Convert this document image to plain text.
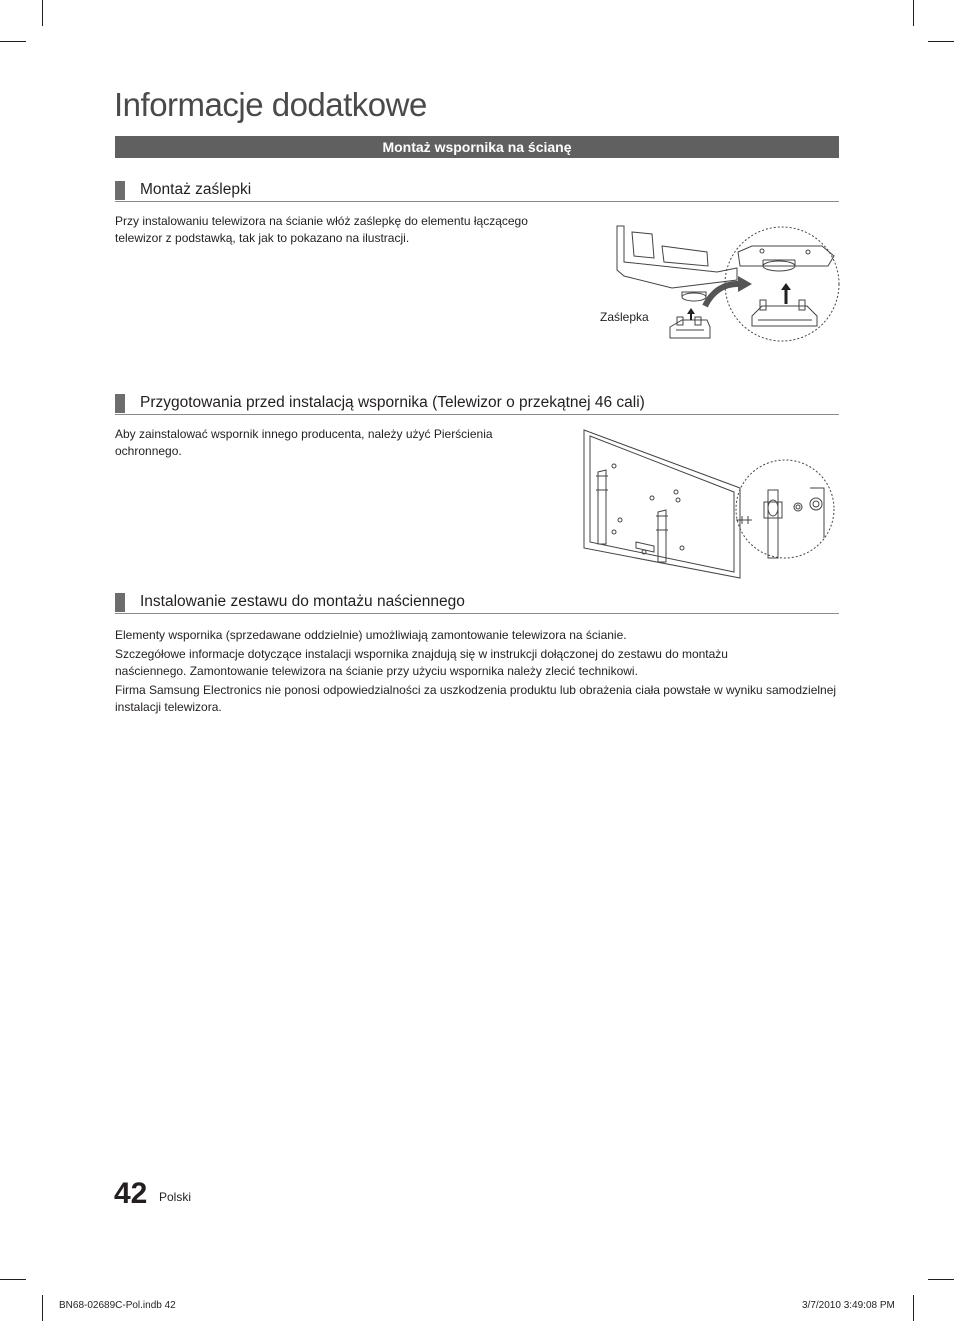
Informacje dodatkowe
Montaż wspornika na ścianę
Montaż zaślepki

Przy instalowaniu telewizora na ścianie włóż zaślepkę do elementu łączącego telewizor z podstawką, tak jak to pokazano na ilustracji.

Zaślepka
Przygotowania przed instalacją wspornika (Telewizor o przekątnej 46 cali)

Aby zainstalować wspornik innego producenta, należy użyć Pierścienia ochronnego.

Instalowanie zestawu do montażu naściennego

Elementy wspornika (sprzedawane oddzielnie) umożliwiają zamontowanie telewizora na ścianie.

Szczegółowe informacje dotyczące instalacji wspornika znajdują się w instrukcji dołączonej do zestawu do montażu naściennego. Zamontowanie telewizora na ścianie przy użyciu wspornika należy zlecić technikowi.

Firma Samsung Electronics nie ponosi odpowiedzialności za uszkodzenia produktu lub obrażenia ciała powstałe w wyniku samodzielnej instalacji telewizora.

42 Polski
BN68-02689C-Pol.indb 42	3/7/2010 3:49:08 PM
